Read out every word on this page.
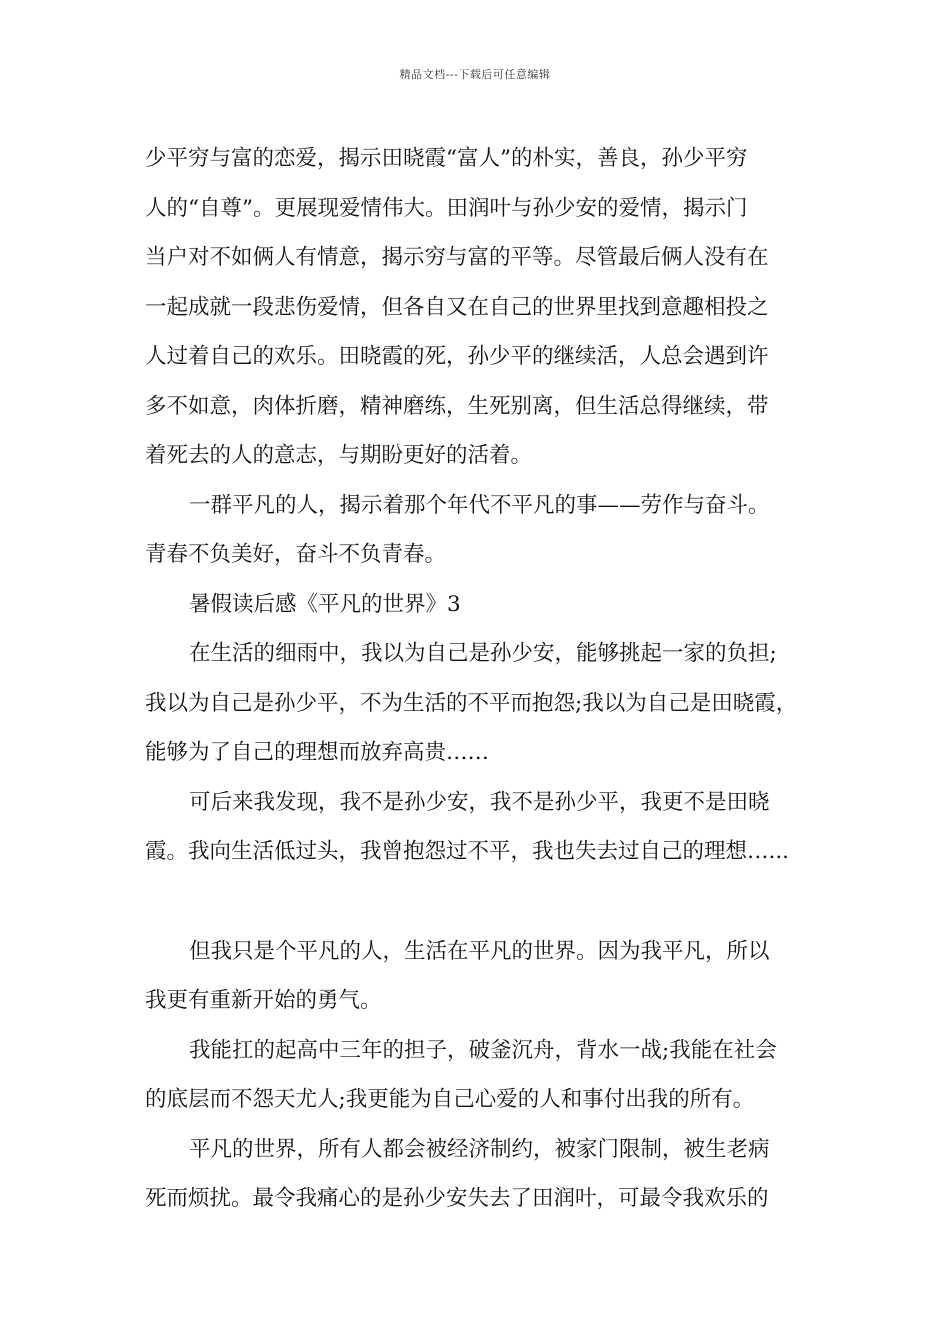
精品文档---下载后可任意编辑

少平穷与富的恋爱，揭示田晓霞“富人”的朴实，善良，孙少平穷

人的“自尊”。更展现爱情伟大。田润叶与孙少安的爱情，揭示门

当户对不如俩人有情意，揭示穷与富的平等。尽管最后俩人没有在

一起成就一段悲伤爱情，但各自又在自己的世界里找到意趣相投之

人过着自己的欢乐。田晓霞的死，孙少平的继续活，人总会遇到许

多不如意，肉体折磨，精神磨练，生死别离，但生活总得继续，带

着死去的人的意志，与期盼更好的活着。

一群平凡的人，揭示着那个年代不平凡的事——劳作与奋斗。

青春不负美好，奋斗不负青春。

暑假读后感《平凡的世界》3

在生活的细雨中，我以为自己是孙少安，能够挑起一家的负担;

我以为自己是孙少平，不为生活的不平而抱怨;我以为自己是田晓霞，

能够为了自己的理想而放弃高贵……

可后来我发现，我不是孙少安，我不是孙少平，我更不是田晓

霞。我向生活低过头，我曾抱怨过不平，我也失去过自己的理想…...

但我只是个平凡的人，生活在平凡的世界。因为我平凡，所以

我更有重新开始的勇气。

我能扛的起高中三年的担子，破釜沉舟，背水一战;我能在社会

的底层而不怨天尤人;我更能为自己心爱的人和事付出我的所有。

平凡的世界，所有人都会被经济制约，被家门限制，被生老病

死而烦扰。最令我痛心的是孙少安失去了田润叶，可最令我欢乐的
